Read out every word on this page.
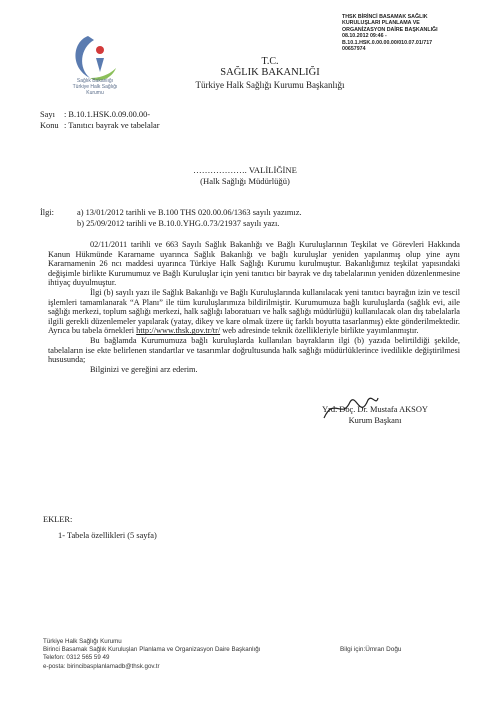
Sağlık Bakanlığı
Türkiye Halk Sağlığı
Kurumu
THSK BİRİNCİ BASAMAK SAĞLIK
KURULUŞLARI PLANLAMA VE
ORGANİZASYON DAİRE BAŞKANLIĞI
08.10.2012 09:46 -
B.10.1.HSK.0.00.00.00/010.07.01/717
00657974
T.C.
SAĞLIK BAKANLIĞI
Türkiye Halk Sağlığı Kurumu Başkanlığı
Sayı : B.10.1.HSK.0.09.00.00-
Konu : Tanıtıcı bayrak ve tabelalar
………………. VALİLİĞİNE
(Halk Sağlığı Müdürlüğü)
İlgi:	a) 13/01/2012 tarihli ve B.100 THS 020.00.06/1363 sayılı yazımız.
b) 25/09/2012 tarihli ve B.10.0.YHG.0.73/21937 sayılı yazı.

02/11/2011 tarihli ve 663 Sayılı Sağlık Bakanlığı ve Bağlı Kuruluşlarının Teşkilat ve Görevleri Hakkında Kanun Hükmünde Kararname uyarınca Sağlık Bakanlığı ve bağlı kuruluşlar yeniden yapılanmış olup yine aynı Kararnamenin 26 ncı maddesi uyarınca Türkiye Halk Sağlığı Kurumu kurulmuştur. Bakanlığımız teşkilat yapısındaki değişimle birlikte Kurumumuz ve Bağlı Kuruluşlar için yeni tanıtıcı bir bayrak ve dış tabelalarının yeniden düzenlenmesine ihtiyaç duyulmuştur.

İlgi (b) sayılı yazı ile Sağlık Bakanlığı ve Bağlı Kuruluşlarında kullanılacak yeni tanıtıcı bayrağın izin ve tescil işlemleri tamamlanarak “A Planı” ile tüm kuruluşlarımıza bildirilmiştir. Kurumumuza bağlı kuruluşlarda (sağlık evi, aile sağlığı merkezi, toplum sağlığı merkezi, halk sağlığı laboratuarı ve halk sağlığı müdürlüğü) kullanılacak olan dış tabelalarla ilgili gerekli düzenlemeler yapılarak (yatay, dikey ve kare olmak üzere üç farklı boyutta tasarlanmış) ekte gönderilmektedir. Ayrıca bu tabela örnekleri http://www.thsk.gov.tr/tr/ web adresinde teknik özellikleriyle birlikte yayımlanmıştır.

Bu bağlamda Kurumumuza bağlı kuruluşlarda kullanılan bayrakların ilgi (b) yazıda belirtildiği şekilde, tabelaların ise ekte belirlenen standartlar ve tasarımlar doğrultusunda halk sağlığı müdürlüklerince ivedilikle değiştirilmesi hususunda;

Bilginizi ve gereğini arz ederim.

Yrd. Doç. Dr. Mustafa AKSOY
Kurum Başkanı
EKLER:
1- Tabela özellikleri (5 sayfa)
Türkiye Halk Sağlığı Kurumu
Birinci Basamak Sağlık Kuruluşları Planlama ve Organizasyon Daire Başkanlığı
Telefon: 0312 565 59 49
e-posta: birincibasplanlamadb@thsk.gov.tr
Bilgi için:Ümran Doğu
